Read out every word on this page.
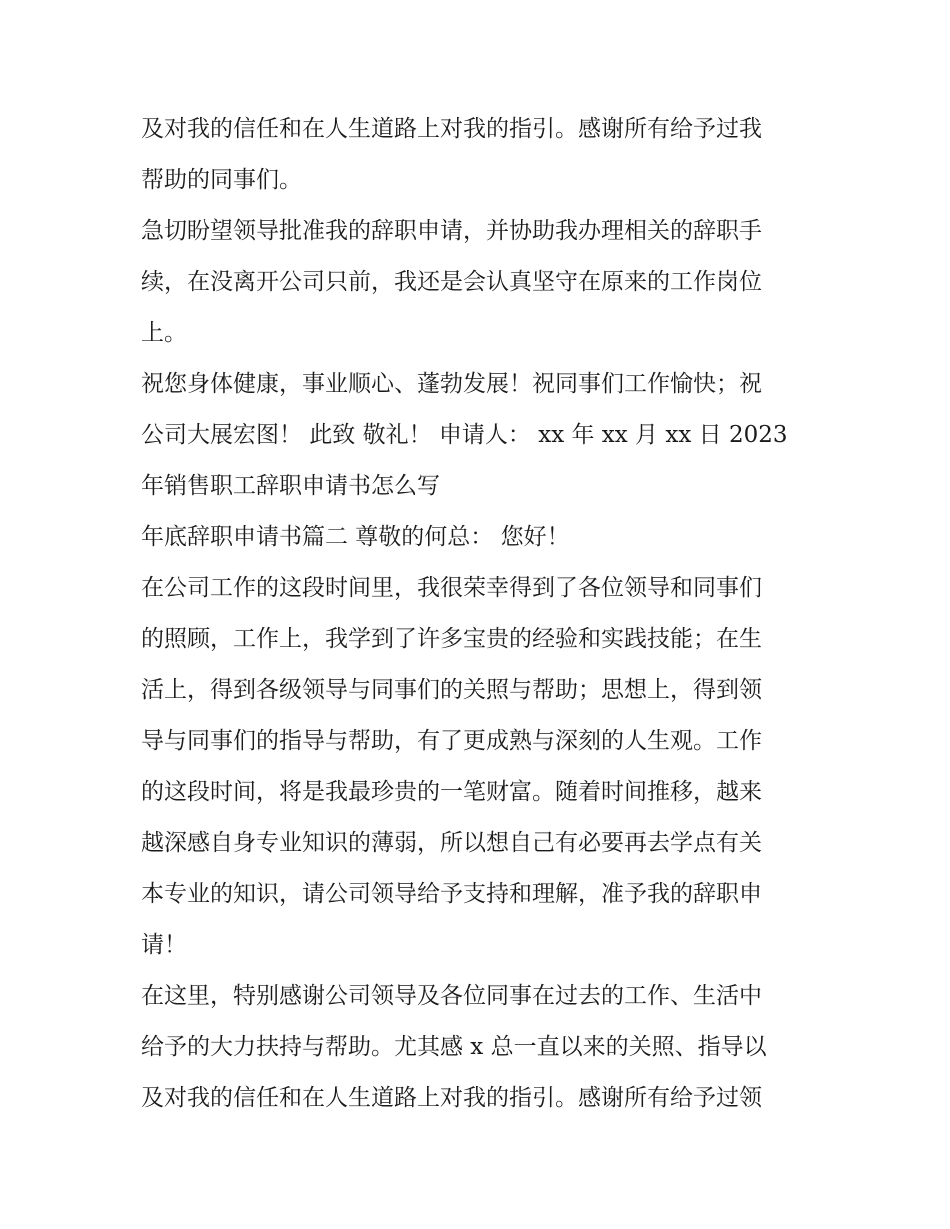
及对我的信任和在人生道路上对我的指引。感谢所有给予过我
帮助的同事们。
急切盼望领导批准我的辞职申请，并协助我办理相关的辞职手
续，在没离开公司只前，我还是会认真坚守在原来的工作岗位
上。
祝您身体健康，事业顺心、蓬勃发展！祝同事们工作愉快；祝
公司大展宏图！ 此致 敬礼！ 申请人： xx 年 xx 月 xx 日 2023
年销售职工辞职申请书怎么写
年底辞职申请书篇二 尊敬的何总： 您好！
在公司工作的这段时间里，我很荣幸得到了各位领导和同事们
的照顾，工作上，我学到了许多宝贵的经验和实践技能；在生
活上，得到各级领导与同事们的关照与帮助；思想上，得到领
导与同事们的指导与帮助，有了更成熟与深刻的人生观。工作
的这段时间，将是我最珍贵的一笔财富。随着时间推移，越来
越深感自身专业知识的薄弱，所以想自己有必要再去学点有关
本专业的知识，请公司领导给予支持和理解，准予我的辞职申
请！
在这里，特别感谢公司领导及各位同事在过去的工作、生活中
给予的大力扶持与帮助。尤其感 x 总一直以来的关照、指导以
及对我的信任和在人生道路上对我的指引。感谢所有给予过领
